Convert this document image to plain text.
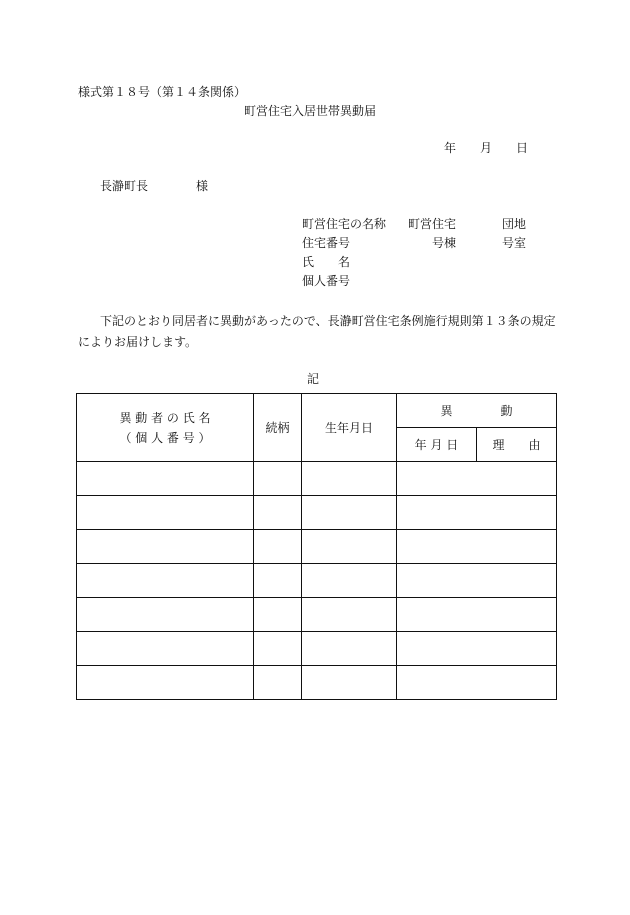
様式第１８号（第１４条関係）
町営住宅入居世帯異動届
年 月 日
長瀞町長	様
町営住宅の名称 町営住宅	団地
住宅番号	号棟	号室
氏　　名
個人番号
下記のとおり同居者に異動があったので、長瀞町営住宅条例施行規則第１３条の規定によりお届けします。
記
異 動 者 の 氏 名
（ 個 人 番 号 ）	続柄	生年月日	異　　　　動	
			年 月 日	理　　由
